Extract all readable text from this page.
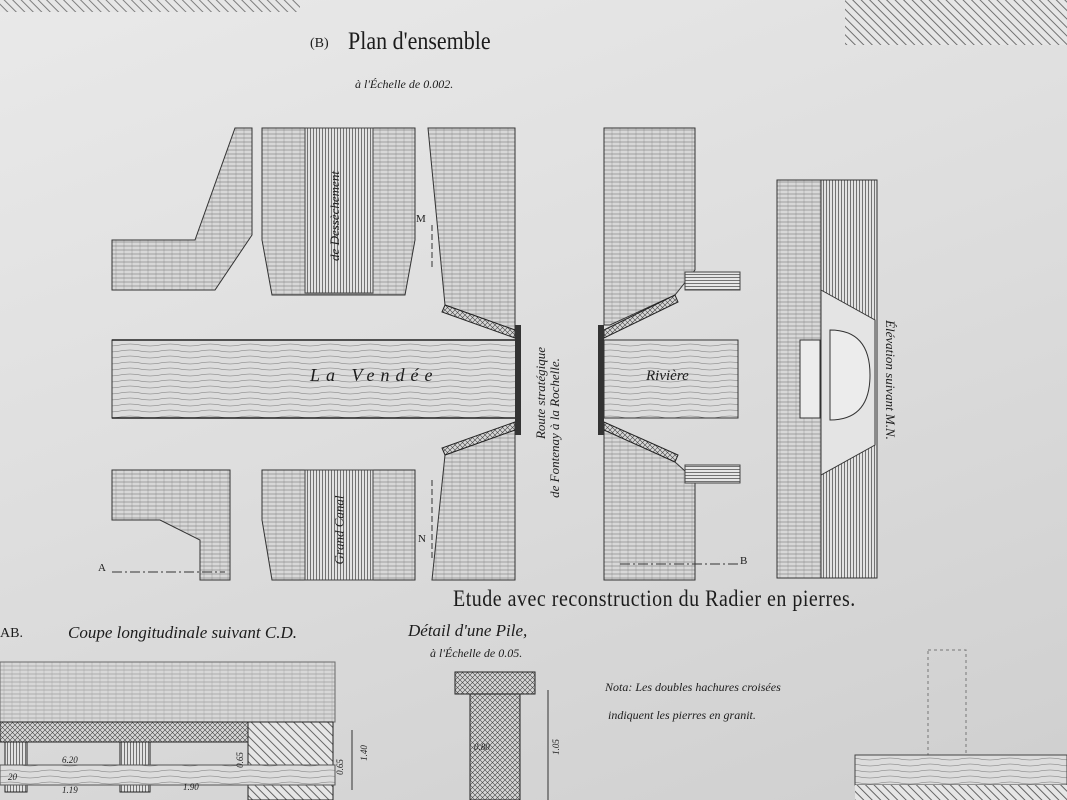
(B) Plan d'ensemble
à l'Échelle de 0.002.
La Vendée	Rivière
de Dessèchement
Grand Canal
Route stratégique
de Fontenay à la Rochelle.	Élévation suivant M.N.
M
N
A
B
Etude avec reconstruction du Radier en pierres.
AB.	Coupe longitudinale suivant C.D.	Détail d'une Pile,
à l'Échelle de 0.05.
Nota: Les doubles hachures croisées
indiquent les pierres en granit.
6.20
1.90
20
1.19
0.65	1.40
0.65
0.80	1.05
